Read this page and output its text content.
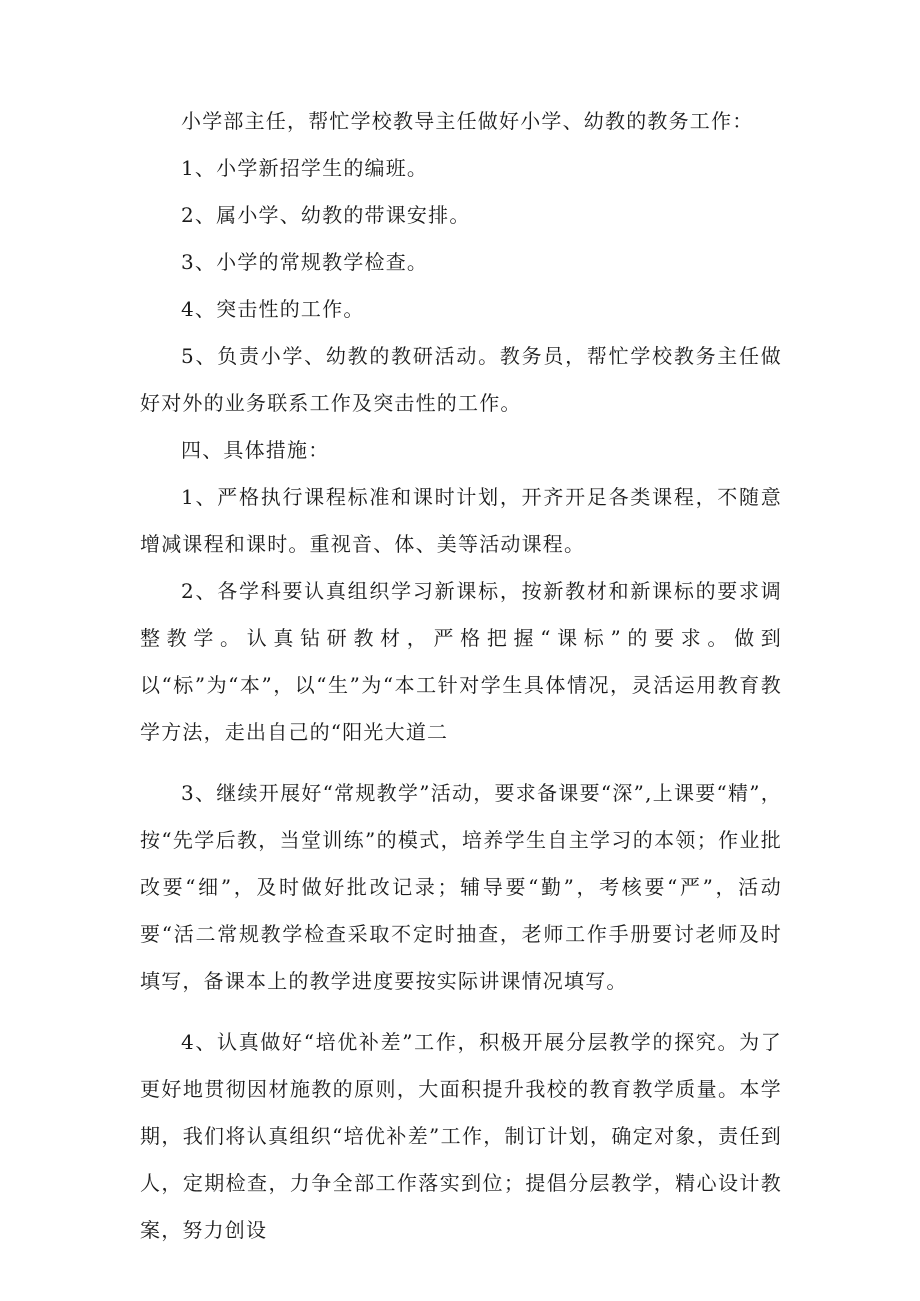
小学部主任，帮忙学校教导主任做好小学、幼教的教务工作：

1、小学新招学生的编班。

2、属小学、幼教的带课安排。

3、小学的常规教学检查。

4、突击性的工作。

5、负责小学、幼教的教研活动。教务员，帮忙学校教务主任做好对外的业务联系工作及突击性的工作。

四、具体措施：

1、严格执行课程标准和课时计划，开齐开足各类课程，不随意增减课程和课时。重视音、体、美等活动课程。

2、各学科要认真组织学习新课标，按新教材和新课标的要求调整教学。认真钻研教材，严格把握“课标”的要求。做到以“标”为“本”，以“生”为“本工针对学生具体情况，灵活运用教育教学方法，走出自己的“阳光大道二

3、继续开展好“常规教学”活动，要求备课要“深”,上课要“精”，按“先学后教，当堂训练”的模式，培养学生自主学习的本领；作业批改要“细”，及时做好批改记录；辅导要“勤”，考核要“严”，活动要“活二常规教学检查采取不定时抽查，老师工作手册要讨老师及时填写，备课本上的教学进度要按实际讲课情况填写。

4、认真做好“培优补差”工作，积极开展分层教学的探究。为了更好地贯彻因材施教的原则，大面积提升我校的教育教学质量。本学期，我们将认真组织“培优补差”工作，制订计划，确定对象，责任到人，定期检查，力争全部工作落实到位；提倡分层教学，精心设计教案，努力创设
